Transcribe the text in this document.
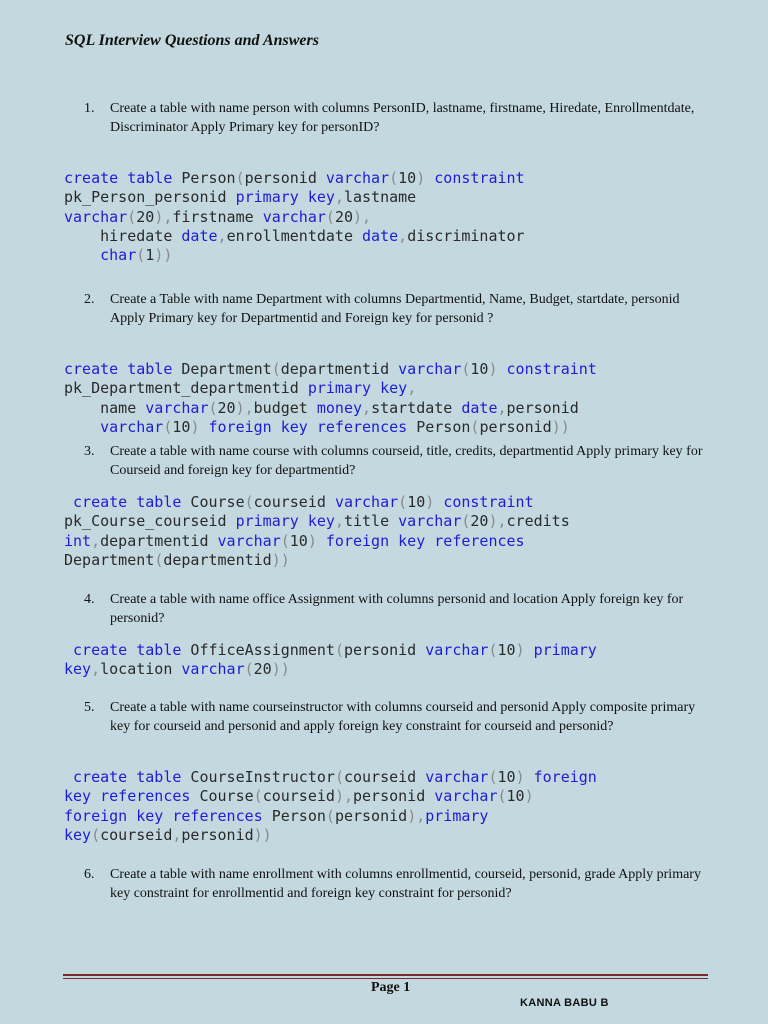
SQL Interview Questions and Answers
1.	Create a table with name person with columns PersonID, lastname, firstname, Hiredate, Enrollmentdate, Discriminator Apply Primary key for personID?
create table Person(personid varchar(10) constraint
pk_Person_personid primary key,lastname
varchar(20),firstname varchar(20),
hiredate date,enrollmentdate date,discriminator
char(1))
2.	Create a Table with name Department with columns Departmentid, Name, Budget, startdate, personid Apply Primary key for Departmentid and Foreign key for personid ?
create table Department(departmentid varchar(10) constraint
pk_Department_departmentid primary key,
name varchar(20),budget money,startdate date,personid
varchar(10) foreign key references Person(personid))
3.	Create a table with name course with columns courseid, title, credits, departmentid Apply primary key for Courseid and foreign key for departmentid?
create table Course(courseid varchar(10) constraint
pk_Course_courseid primary key,title varchar(20),credits
int,departmentid varchar(10) foreign key references
Department(departmentid))
4.	Create a table with name office Assignment with columns personid and location Apply foreign key for personid?
create table OfficeAssignment(personid varchar(10) primary
key,location varchar(20))
5.	Create a table with name courseinstructor with columns courseid and personid Apply composite primary key for courseid and personid and apply foreign key constraint for courseid and personid?
create table CourseInstructor(courseid varchar(10) foreign
key references Course(courseid),personid varchar(10)
foreign key references Person(personid),primary
key(courseid,personid))
6.	Create a table with name enrollment with columns enrollmentid, courseid, personid, grade Apply primary key constraint for enrollmentid and foreign key constraint for personid?
Page 1
KANNA BABU B
